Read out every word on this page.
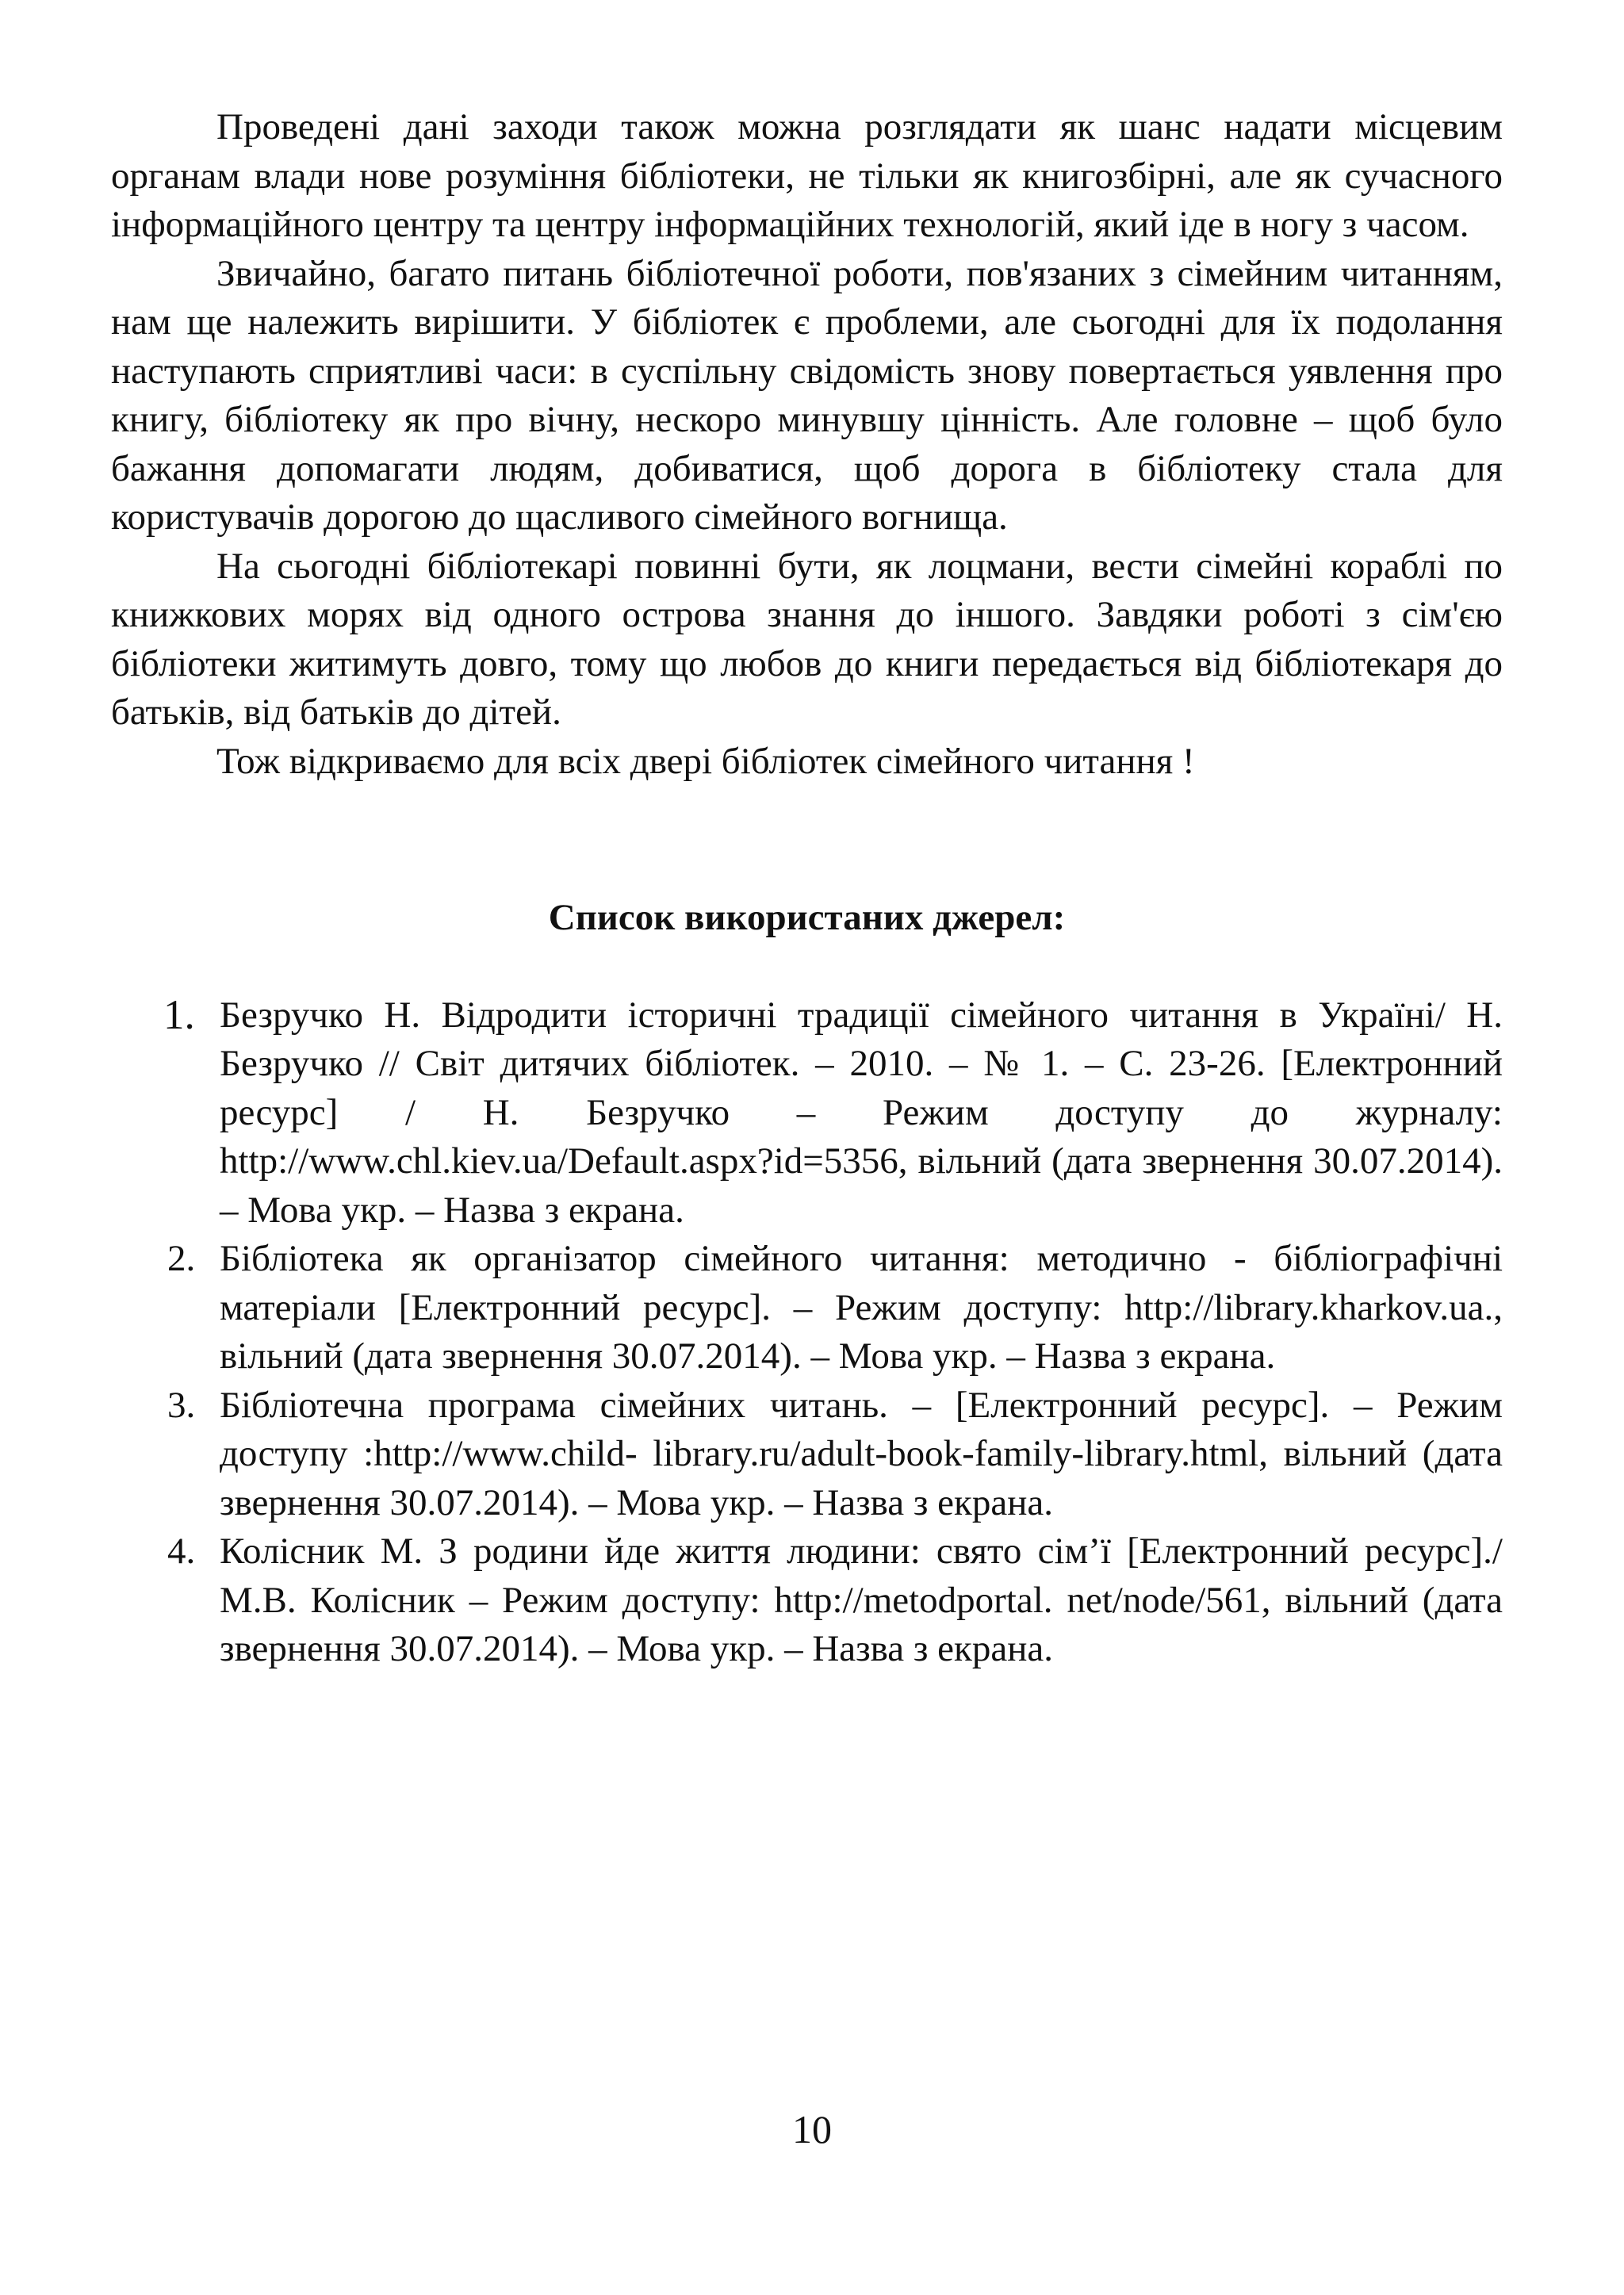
Проведені дані заходи також можна розглядати як шанс надати місцевим органам влади нове розуміння бібліотеки, не тільки як книгозбірні, але як сучасного інформаційного центру та центру інформаційних технологій, який іде в ногу з часом.

Звичайно, багато питань бібліотечної роботи, пов'язаних з сімейним читанням, нам ще належить вирішити. У бібліотек є проблеми, але сьогодні для їх подолання наступають сприятливі часи: в суспільну свідомість знову повертається уявлення про книгу, бібліотеку як про вічну, нескоро минувшу цінність. Але головне – щоб було бажання допомагати людям, добиватися, щоб дорога в бібліотеку стала для користувачів дорогою до щасливого сімейного вогнища.

На сьогодні бібліотекарі повинні бути, як лоцмани, вести сімейні кораблі по книжкових морях від одного острова знання до іншого. Завдяки роботі з сім'єю бібліотеки житимуть довго, тому що любов до книги передається від бібліотекаря до батьків, від батьків до дітей.

Тож відкриваємо для всіх двері бібліотек сімейного читання !

Список використаних джерел:
1. Безручко Н. Відродити історичні традиції сімейного читання в Україні/ Н. Безручко // Світ дитячих бібліотек. – 2010. – № 1. – С. 23-26. [Електронний ресурс] / Н. Безручко – Режим доступу до журналу: http://www.chl.kiev.ua/Default.aspx?id=5356, вільний (дата звернення 30.07.2014). – Мова укр. – Назва з екрана.
2. Бібліотека як організатор сімейного читання: методично - бібліографічні матеріали [Електронний ресурс]. – Режим доступу: http://library.kharkov.ua., вільний (дата звернення 30.07.2014). – Мова укр. – Назва з екрана.
3. Бібліотечна програма сімейних читань. – [Електронний ресурс]. – Режим доступу :http://www.child- library.ru/adult-book-family-library.html, вільний (дата звернення 30.07.2014). – Мова укр. – Назва з екрана.
4. Колісник М. З родини йде життя людини: свято сім’ї [Електронний ресурс]./ М.В. Колісник – Режим доступу: http://metodportal. net/node/561, вільний (дата звернення 30.07.2014). – Мова укр. – Назва з екрана.
10
